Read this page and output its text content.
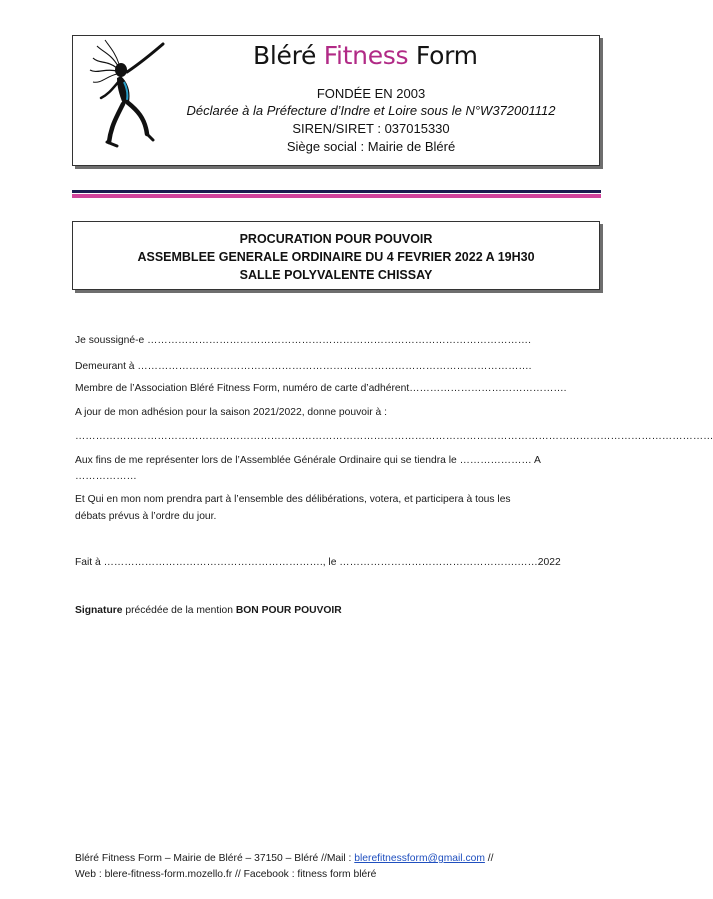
Bléré Fitness Form
FONDÉE EN 2003
Déclarée à la Préfecture d’Indre et Loire sous le N°W372001112
SIREN/SIRET : 037015330
Siège social : Mairie de Bléré
PROCURATION POUR POUVOIR
ASSEMBLEE GENERALE ORDINAIRE DU 4 FEVRIER 2022 A 19H30
SALLE POLYVALENTE CHISSAY
Je soussigné-e ………………………………………………………………………………………………….
Demeurant à …………………………………………………………………………………………………….
Membre de l’Association Bléré Fitness Form, numéro de carte d’adhérent……………………………………….
A jour de mon adhésion pour la saison 2021/2022, donne pouvoir à :
……………………………………………………………………………………………………………………………………………………………………
Aux fins de me représenter lors de l’Assemblée Générale Ordinaire qui se tiendra le ………………… A
………………
Et Qui en mon nom prendra part à l’ensemble des délibérations, votera, et participera à tous les
débats prévus à l’ordre du jour.
Fait à ………………………………………………………., le …………………………………………….……2022
Signature précédée de la mention BON POUR POUVOIR
Bléré Fitness Form – Mairie de Bléré – 37150 – Bléré //Mail : blerefitnessform@gmail.com //
Web : blere-fitness-form.mozello.fr // Facebook : fitness form bléré
